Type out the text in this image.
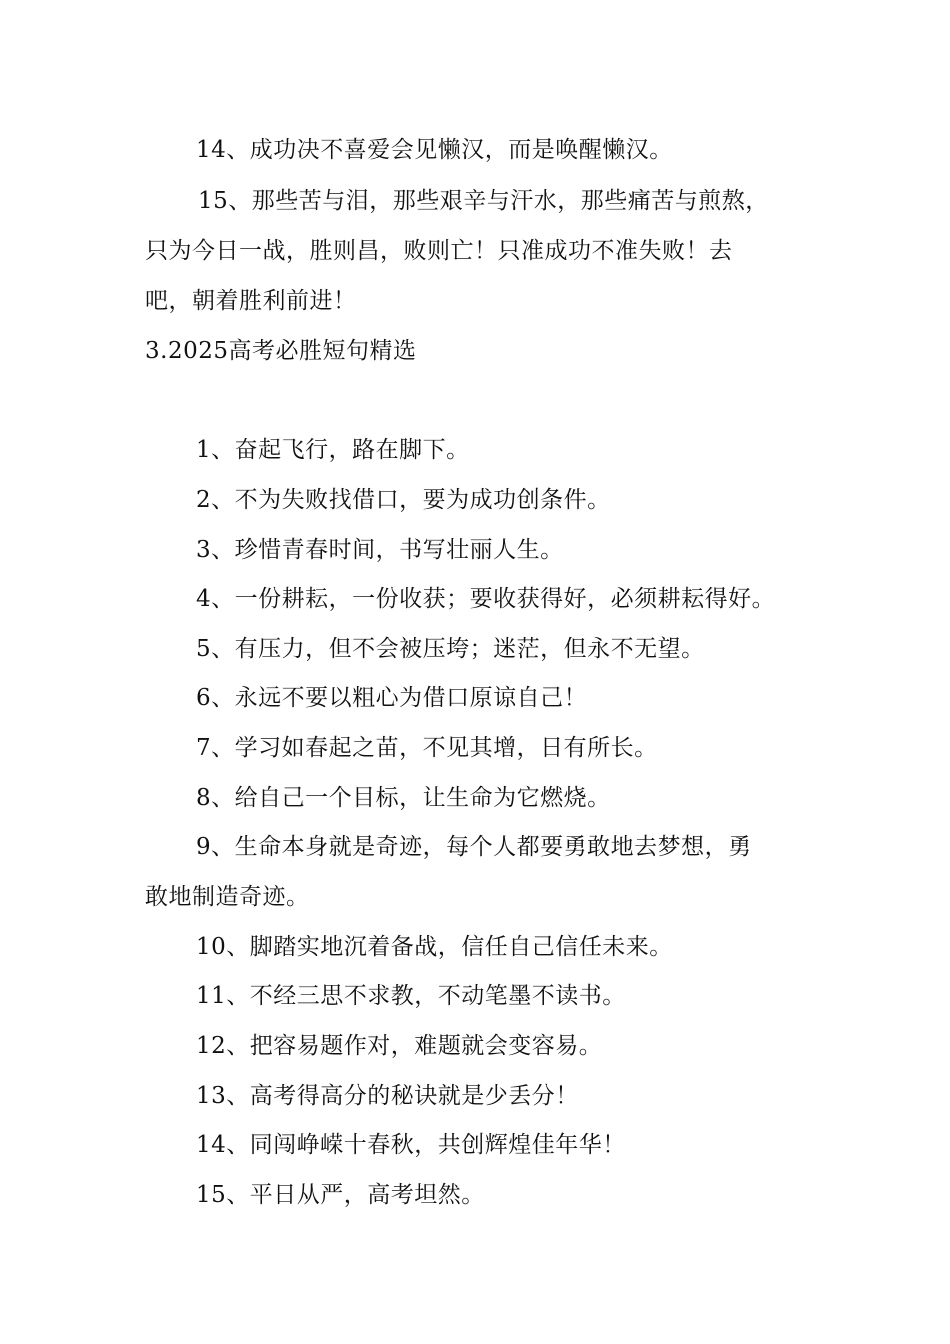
14、成功决不喜爱会见懒汉，而是唤醒懒汉。
15、那些苦与泪，那些艰辛与汗水，那些痛苦与煎熬，
只为今日一战，胜则昌，败则亡！只准成功不准失败！去
吧，朝着胜利前进！
3.2025高考必胜短句精选
1、奋起飞行，路在脚下。
2、不为失败找借口，要为成功创条件。
3、珍惜青春时间，书写壮丽人生。
4、一份耕耘，一份收获；要收获得好，必须耕耘得好。
5、有压力，但不会被压垮；迷茫，但永不无望。
6、永远不要以粗心为借口原谅自己！
7、学习如春起之苗，不见其增，日有所长。
8、给自己一个目标，让生命为它燃烧。
9、生命本身就是奇迹，每个人都要勇敢地去梦想，勇
敢地制造奇迹。
10、脚踏实地沉着备战，信任自己信任未来。
11、不经三思不求教，不动笔墨不读书。
12、把容易题作对，难题就会变容易。
13、高考得高分的秘诀就是少丢分！
14、同闯峥嵘十春秋，共创辉煌佳年华！
15、平日从严，高考坦然。
